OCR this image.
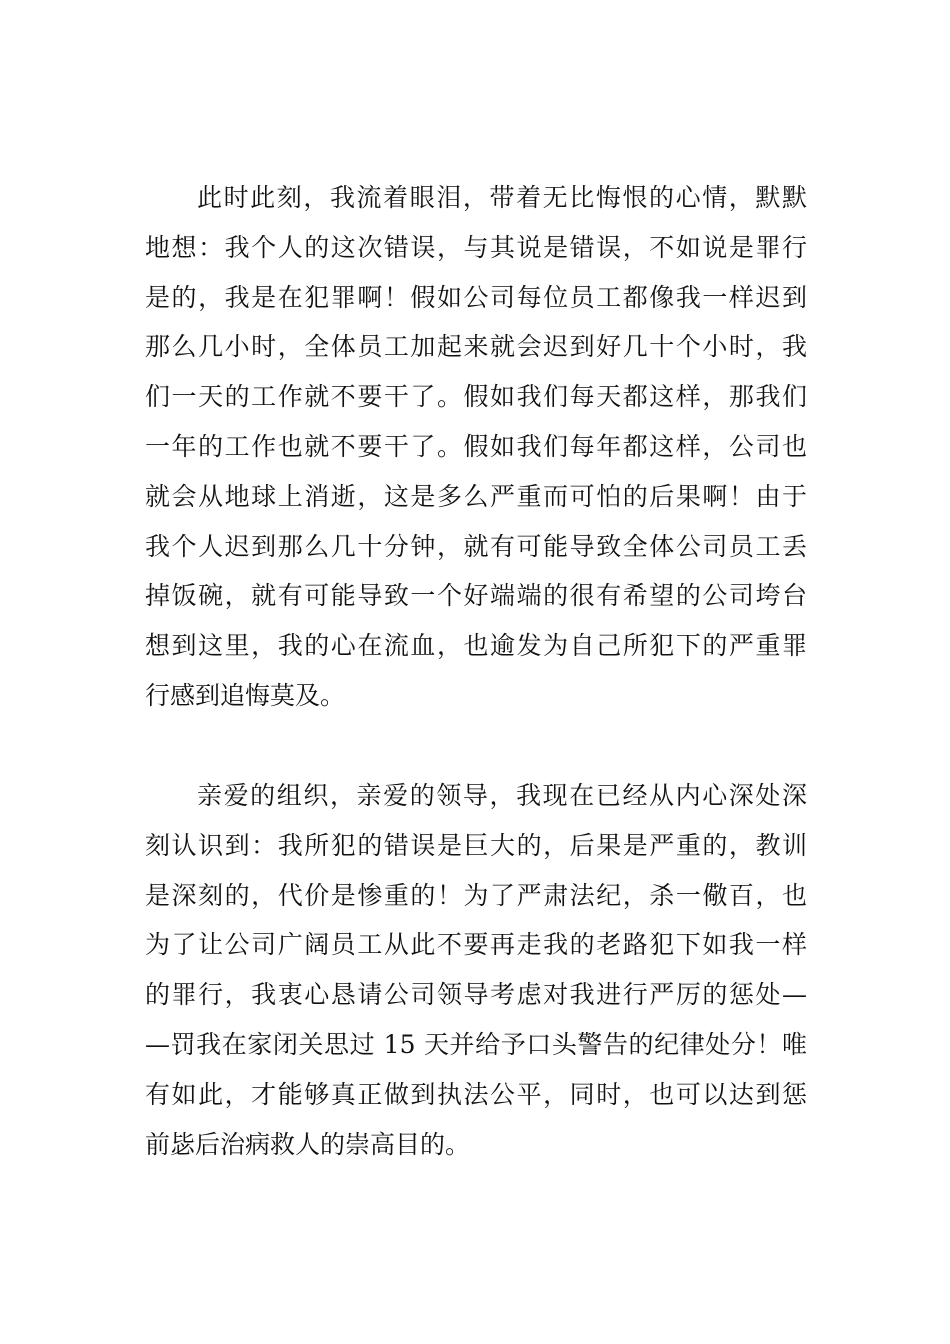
此时此刻，我流着眼泪，带着无比悔恨的心情，默默
地想：我个人的这次错误，与其说是错误，不如说是罪行
是的，我是在犯罪啊！假如公司每位员工都像我一样迟到
那么几小时，全体员工加起来就会迟到好几十个小时，我
们一天的工作就不要干了。假如我们每天都这样，那我们
一年的工作也就不要干了。假如我们每年都这样，公司也
就会从地球上消逝，这是多么严重而可怕的后果啊！由于
我个人迟到那么几十分钟，就有可能导致全体公司员工丢
掉饭碗，就有可能导致一个好端端的很有希望的公司垮台
想到这里，我的心在流血，也逾发为自己所犯下的严重罪
行感到追悔莫及。
亲爱的组织，亲爱的领导，我现在已经从内心深处深
刻认识到：我所犯的错误是巨大的，后果是严重的，教训
是深刻的，代价是惨重的！为了严肃法纪，杀一儆百，也
为了让公司广阔员工从此不要再走我的老路犯下如我一样
的罪行，我衷心恳请公司领导考虑对我进行严厉的惩处—
—罚我在家闭关思过 15 天并给予口头警告的纪律处分！唯
有如此，才能够真正做到执法公平，同时，也可以达到惩
前毖后治病救人的崇高目的。
